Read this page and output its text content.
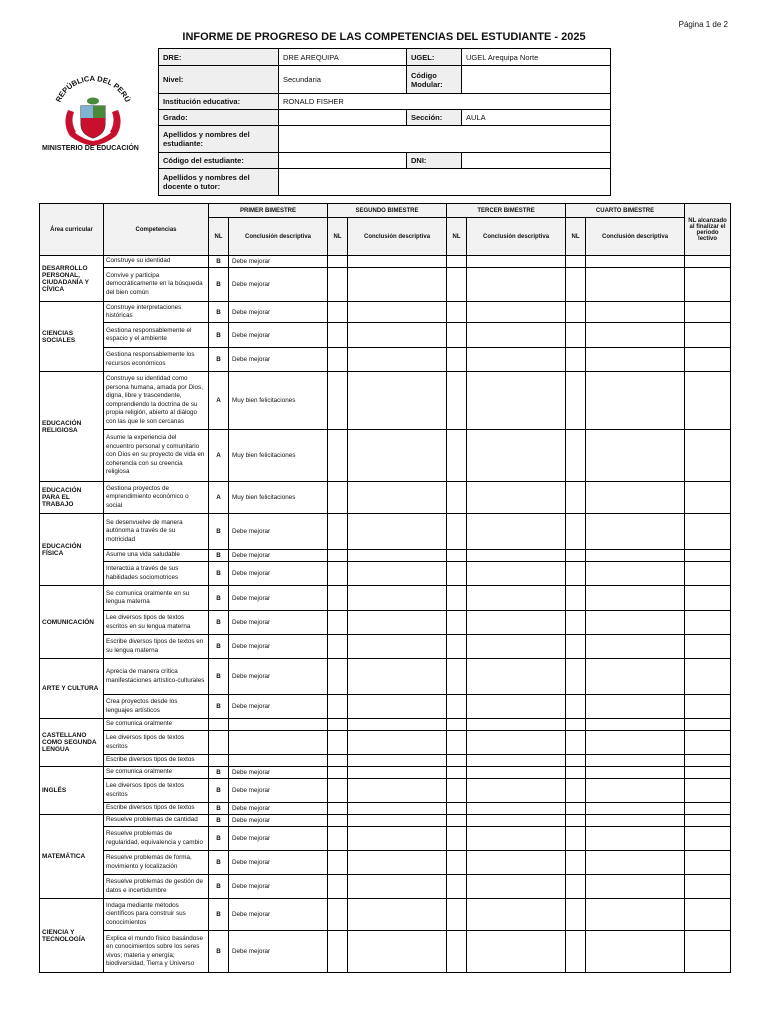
Página 1 de 2
INFORME DE PROGRESO DE LAS COMPETENCIAS DEL ESTUDIANTE - 2025
REPÚBLICA DEL PERÚ
MINISTERIO DE EDUCACIÓN
DRE:	DRE AREQUIPA	UGEL:	UGEL Arequipa Norte
Nivel:	Secundaria	Código Modular:	
Institución educativa:	RONALD FISHER		
Grado:		Sección:	AULA
Apellidos y nombres del estudiante:			
Código del estudiante:		DNI:	
Apellidos y nombres del docente o tutor:			
Área curricular	Competencias	PRIMER BIMESTRE		SEGUNDO BIMESTRE		TERCER BIMESTRE		CUARTO BIMESTRE		NL alcanzado al finalizar el periodo lectivo
		NL	Conclusión descriptiva	NL	Conclusión descriptiva	NL	Conclusión descriptiva	NL	Conclusión descriptiva	
DESARROLLO PERSONAL, CIUDADANÍA Y CÍVICA	Construye su identidad	B	Debe mejorar							
	Convive y participa democráticamente en la búsqueda del bien común	B	Debe mejorar							
CIENCIAS SOCIALES	Construye interpretaciones históricas	B	Debe mejorar							
	Gestiona responsablemente el espacio y el ambiente	B	Debe mejorar							
	Gestiona responsablemente los recursos económicos	B	Debe mejorar							
EDUCACIÓN RELIGIOSA	Construye su identidad como persona humana, amada por Dios, digna, libre y trascendente, comprendiendo la doctrina de su propia religión, abierto al diálogo con las que le son cercanas	A	Muy bien felicitaciones							
	Asume la experiencia del encuentro personal y comunitario con Dios en su proyecto de vida en coherencia con su creencia religiosa	A	Muy bien felicitaciones							
EDUCACIÓN PARA EL TRABAJO	Gestiona proyectos de emprendimiento económico o social	A	Muy bien felicitaciones							
EDUCACIÓN FÍSICA	Se desenvuelve de manera autónoma a través de su motricidad	B	Debe mejorar							
	Asume una vida saludable	B	Debe mejorar							
	Interactúa a través de sus habilidades sociomotrices	B	Debe mejorar							
COMUNICACIÓN	Se comunica oralmente en su lengua materna	B	Debe mejorar							
	Lee diversos tipos de textos escritos en su lengua materna	B	Debe mejorar							
	Escribe diversos tipos de textos en su lengua materna	B	Debe mejorar							
ARTE Y CULTURA	Aprecia de manera crítica manifestaciones artístico-culturales	B	Debe mejorar							
	Crea proyectos desde los lenguajes artísticos	B	Debe mejorar							
CASTELLANO COMO SEGUNDA LENGUA	Se comunica oralmente									
	Lee diversos tipos de textos escritos									
	Escribe diversos tipos de textos									
INGLÉS	Se comunica oralmente	B	Debe mejorar							
	Lee diversos tipos de textos escritos	B	Debe mejorar							
	Escribe diversos tipos de textos	B	Debe mejorar							
MATEMÁTICA	Resuelve problemas de cantidad	B	Debe mejorar							
	Resuelve problemas de regularidad, equivalencia y cambio	B	Debe mejorar							
	Resuelve problemas de forma, movimiento y localización	B	Debe mejorar							
	Resuelve problemas de gestión de datos e incertidumbre	B	Debe mejorar							
CIENCIA Y TECNOLOGÍA	Indaga mediante métodos científicos para construir sus conocimientos	B	Debe mejorar							
	Explica el mundo físico basándose en conocimientos sobre los seres vivos; materia y energía; biodiversidad, Tierra y Universo	B	Debe mejorar							
